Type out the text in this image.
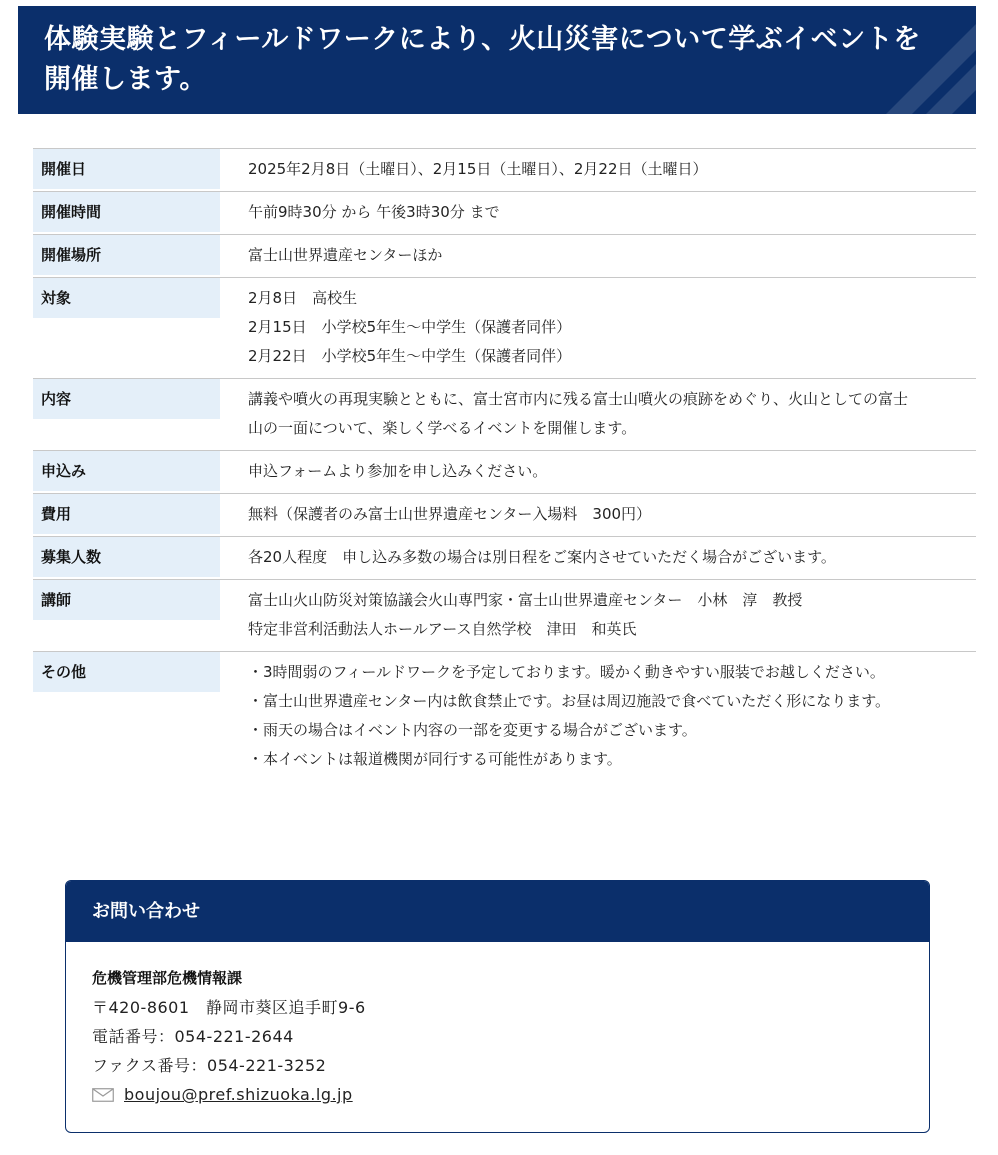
体験実験とフィールドワークにより、火山災害について学ぶイベントを開催します。
開催日	2025年2月8日（土曜日）、2月15日（土曜日）、2月22日（土曜日）
開催時間	午前9時30分 から 午後3時30分 まで
開催場所	富士山世界遺産センターほか
対象	2月8日　高校生
2月15日　小学校5年生～中学生（保護者同伴）
2月22日　小学校5年生～中学生（保護者同伴）
内容	講義や噴火の再現実験とともに、富士宮市内に残る富士山噴火の痕跡をめぐり、火山としての富士
山の一面について、楽しく学べるイベントを開催します。
申込み	申込フォームより参加を申し込みください。
費用	無料（保護者のみ富士山世界遺産センター入場料　300円）
募集人数	各20人程度　申し込み多数の場合は別日程をご案内させていただく場合がございます。
講師	富士山火山防災対策協議会火山専門家・富士山世界遺産センター　小林　淳　教授
特定非営利活動法人ホールアース自然学校　津田　和英氏
その他	・3時間弱のフィールドワークを予定しております。暖かく動きやすい服装でお越しください。
・富士山世界遺産センター内は飲食禁止です。お昼は周辺施設で食べていただく形になります。
・雨天の場合はイベント内容の一部を変更する場合がございます。
・本イベントは報道機関が同行する可能性があります。
お問い合わせ
危機管理部危機情報課
〒420-8601　静岡市葵区追手町9-6
電話番号：054-221-2644
ファクス番号：054-221-3252
boujou@pref.shizuoka.lg.jp
